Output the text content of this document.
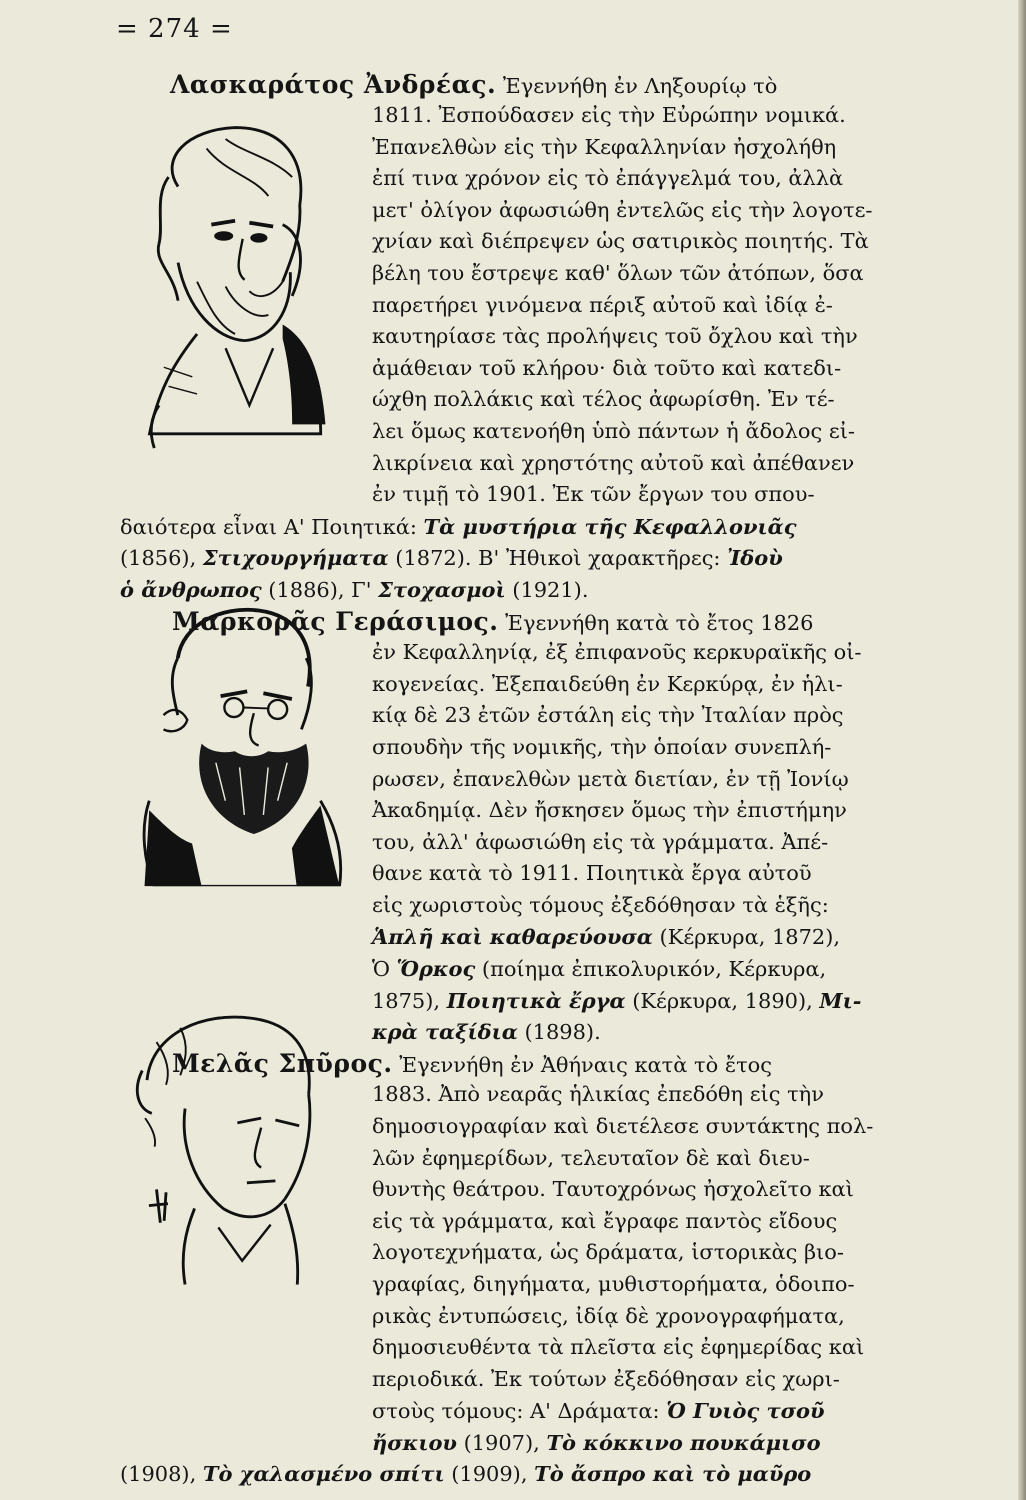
= 274 =
Λασκαράτος Ἀνδρέας. Ἐγεννήθη ἐν Ληξουρίῳ τὸ
1811. Ἐσπούδασεν εἰς τὴν Εὐρώπην νομικά.
Ἐπανελθὼν εἰς τὴν Κεφαλληνίαν ἠσχολήθη
ἐπί τινα χρόνον εἰς τὸ ἐπάγγελμά του, ἀλλὰ
μετ' ὀλίγον ἀφωσιώθη ἐντελῶς εἰς τὴν λογοτε-
χνίαν καὶ διέπρεψεν ὡς σατιρικὸς ποιητής. Τὰ
βέλη του ἔστρεψε καθ' ὅλων τῶν ἀτόπων, ὅσα
παρετήρει γινόμενα πέριξ αὐτοῦ καὶ ἰδίᾳ ἐ-
καυτηρίασε τὰς προλήψεις τοῦ ὄχλου καὶ τὴν
ἀμάθειαν τοῦ κλήρου· διὰ τοῦτο καὶ κατεδι-
ώχθη πολλάκις καὶ τέλος ἀφωρίσθη. Ἐν τέ-
λει ὅμως κατενοήθη ὑπὸ πάντων ἡ ἄδολος εἰ-
λικρίνεια καὶ χρηστότης αὐτοῦ καὶ ἀπέθανεν
ἐν τιμῇ τὸ 1901. Ἐκ τῶν ἔργων του σπου-
δαιότερα εἶναι Α' Ποιητικά: Τὰ μυστήρια τῆς Κεφαλλονιᾶς
(1856), Στιχουργήματα (1872). Β' Ἠθικοὶ χαρακτῆρες: Ἰδοὺ
ὁ ἄνθρωπος (1886), Γ' Στοχασμοὶ (1921).
Μαρκορᾶς Γεράσιμος. Ἐγεννήθη κατὰ τὸ ἔτος 1826
ἐν Κεφαλληνίᾳ, ἐξ ἐπιφανοῦς κερκυραϊκῆς οἰ-
κογενείας. Ἐξεπαιδεύθη ἐν Κερκύρᾳ, ἐν ἡλι-
κίᾳ δὲ 23 ἐτῶν ἐστάλη εἰς τὴν Ἰταλίαν πρὸς
σπουδὴν τῆς νομικῆς, τὴν ὁποίαν συνεπλή-
ρωσεν, ἐπανελθὼν μετὰ διετίαν, ἐν τῇ Ἰονίῳ
Ἀκαδημίᾳ. Δὲν ἤσκησεν ὅμως τὴν ἐπιστήμην
του, ἀλλ' ἀφωσιώθη εἰς τὰ γράμματα. Ἀπέ-
θανε κατὰ τὸ 1911. Ποιητικὰ ἔργα αὐτοῦ
εἰς χωριστοὺς τόμους ἐξεδόθησαν τὰ ἑξῆς:
Ἁπλῆ καὶ καθαρεύουσα (Κέρκυρα, 1872),
Ὁ Ὅρκος (ποίημα ἐπικολυρικόν, Κέρκυρα,
1875), Ποιητικὰ ἔργα (Κέρκυρα, 1890), Μι-
κρὰ ταξίδια (1898).
Μελᾶς Σπῦρος. Ἐγεννήθη ἐν Ἀθήναις κατὰ τὸ ἔτος
1883. Ἀπὸ νεαρᾶς ἡλικίας ἐπεδόθη εἰς τὴν
δημοσιογραφίαν καὶ διετέλεσε συντάκτης πολ-
λῶν ἐφημερίδων, τελευταῖον δὲ καὶ διευ-
θυντὴς θεάτρου. Ταυτοχρόνως ἠσχολεῖτο καὶ
εἰς τὰ γράμματα, καὶ ἔγραφε παντὸς εἴδους
λογοτεχνήματα, ὡς δράματα, ἱστορικὰς βιο-
γραφίας, διηγήματα, μυθιστορήματα, ὁδοιπο-
ρικὰς ἐντυπώσεις, ἰδίᾳ δὲ χρονογραφήματα,
δημοσιευθέντα τὰ πλεῖστα εἰς ἐφημερίδας καὶ
περιοδικά. Ἐκ τούτων ἐξεδόθησαν εἰς χωρι-
στοὺς τόμους: Α' Δράματα: Ὁ Γυιὸς τσοῦ
ἤσκιου (1907), Τὸ κόκκινο πουκάμισο
(1908), Τὸ χαλασμένο σπίτι (1909), Τὸ ἄσπρο καὶ τὸ μαῦρο
